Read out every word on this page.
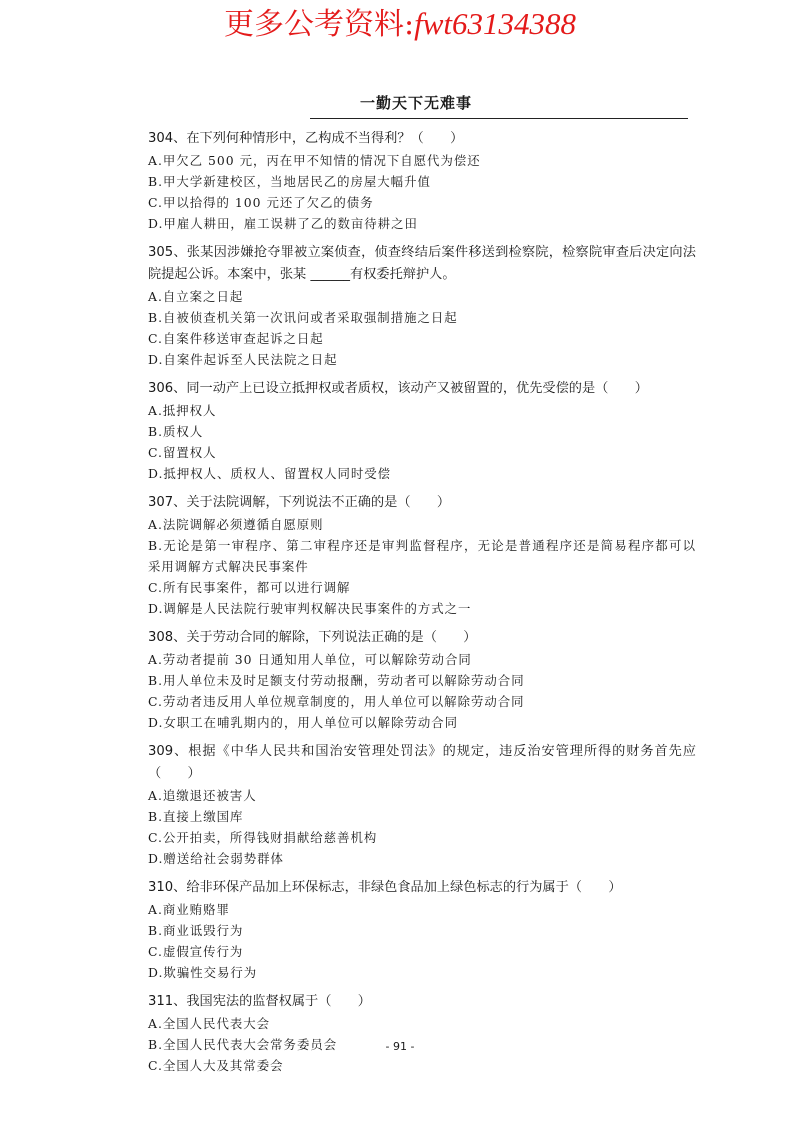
更多公考资料:fwt63134388
一勤天下无难事
304、在下列何种情形中，乙构成不当得利？（　　）
A.甲欠乙 500 元，丙在甲不知情的情况下自愿代为偿还
B.甲大学新建校区，当地居民乙的房屋大幅升值
C.甲以拾得的 100 元还了欠乙的债务
D.甲雇人耕田，雇工误耕了乙的数亩待耕之田
305、张某因涉嫌抢夺罪被立案侦查，侦查终结后案件移送到检察院，检察院审查后决定向法院提起公诉。本案中，张某 ______有权委托辩护人。
A.自立案之日起
B.自被侦查机关第一次讯问或者采取强制措施之日起
C.自案件移送审查起诉之日起
D.自案件起诉至人民法院之日起
306、同一动产上已设立抵押权或者质权，该动产又被留置的，优先受偿的是（　　）
A.抵押权人
B.质权人
C.留置权人
D.抵押权人、质权人、留置权人同时受偿
307、关于法院调解，下列说法不正确的是（　　）
A.法院调解必须遵循自愿原则
B.无论是第一审程序、第二审程序还是审判监督程序，无论是普通程序还是简易程序都可以采用调解方式解决民事案件
C.所有民事案件，都可以进行调解
D.调解是人民法院行驶审判权解决民事案件的方式之一
308、关于劳动合同的解除，下列说法正确的是（　　）
A.劳动者提前 30 日通知用人单位，可以解除劳动合同
B.用人单位未及时足额支付劳动报酬，劳动者可以解除劳动合同
C.劳动者违反用人单位规章制度的，用人单位可以解除劳动合同
D.女职工在哺乳期内的，用人单位可以解除劳动合同
309、根据《中华人民共和国治安管理处罚法》的规定，违反治安管理所得的财务首先应（　　）
A.追缴退还被害人
B.直接上缴国库
C.公开拍卖，所得钱财捐献给慈善机构
D.赠送给社会弱势群体
310、给非环保产品加上环保标志，非绿色食品加上绿色标志的行为属于（　　）
A.商业贿赂罪
B.商业诋毁行为
C.虚假宣传行为
D.欺骗性交易行为
311、我国宪法的监督权属于（　　）
A.全国人民代表大会
B.全国人民代表大会常务委员会
C.全国人大及其常委会
- 91 -
